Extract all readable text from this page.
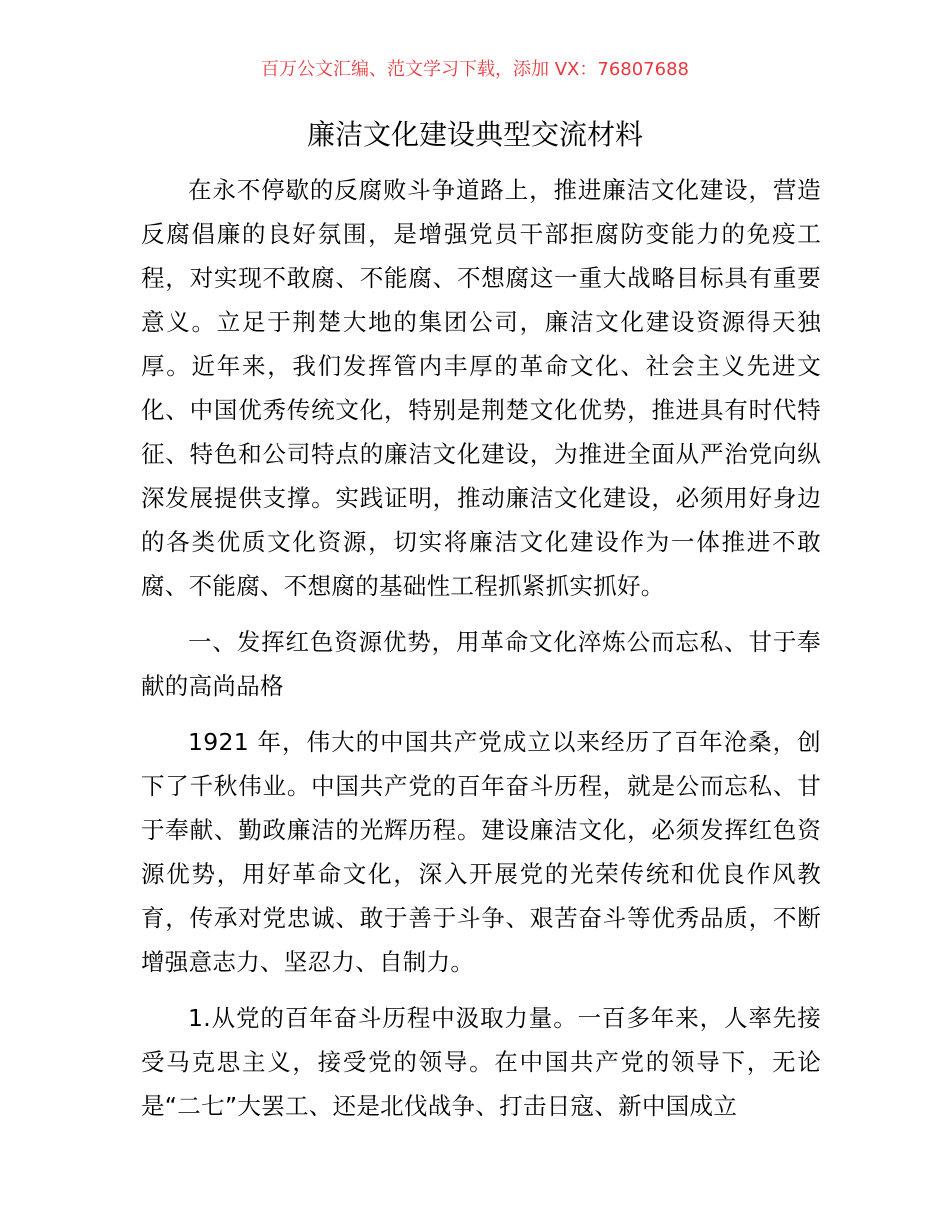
百万公文汇编、范文学习下载，添加 VX：76807688
廉洁文化建设典型交流材料

在永不停歇的反腐败斗争道路上，推进廉洁文化建设，营造反腐倡廉的良好氛围，是增强党员干部拒腐防变能力的免疫工程，对实现不敢腐、不能腐、不想腐这一重大战略目标具有重要意义。立足于荆楚大地的集团公司，廉洁文化建设资源得天独厚。近年来，我们发挥管内丰厚的革命文化、社会主义先进文化、中国优秀传统文化，特别是荆楚文化优势，推进具有时代特征、特色和公司特点的廉洁文化建设，为推进全面从严治党向纵深发展提供支撑。实践证明，推动廉洁文化建设，必须用好身边的各类优质文化资源，切实将廉洁文化建设作为一体推进不敢腐、不能腐、不想腐的基础性工程抓紧抓实抓好。

一、发挥红色资源优势，用革命文化淬炼公而忘私、甘于奉献的高尚品格

1921 年，伟大的中国共产党成立以来经历了百年沧桑，创下了千秋伟业。中国共产党的百年奋斗历程，就是公而忘私、甘于奉献、勤政廉洁的光辉历程。建设廉洁文化，必须发挥红色资源优势，用好革命文化，深入开展党的光荣传统和优良作风教育，传承对党忠诚、敢于善于斗争、艰苦奋斗等优秀品质，不断增强意志力、坚忍力、自制力。

1.从党的百年奋斗历程中汲取力量。一百多年来，人率先接受马克思主义，接受党的领导。在中国共产党的领导下，无论是“二七”大罢工、还是北伐战争、打击日寇、新中国成立
